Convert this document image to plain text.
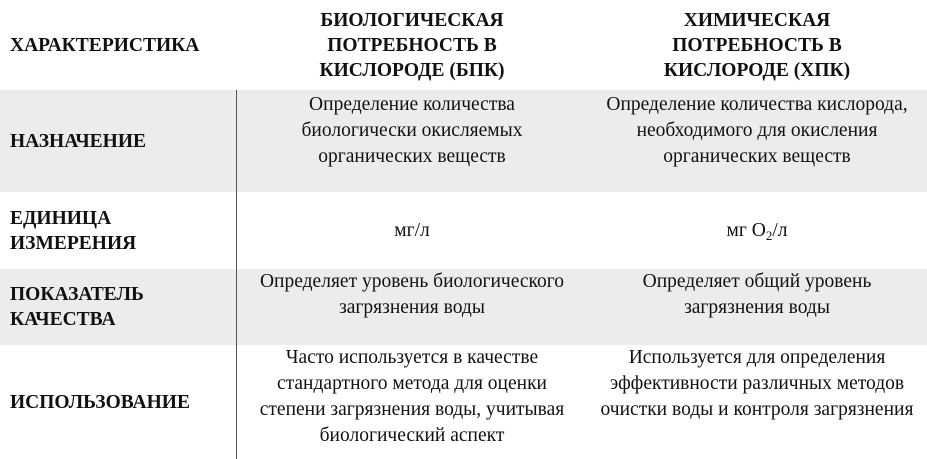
ХАРАКТЕРИСТИКА
БИОЛОГИЧЕСКАЯ ПОТРЕБНОСТЬ В КИСЛОРОДЕ (БПК)
ХИМИЧЕСКАЯ ПОТРЕБНОСТЬ В КИСЛОРОДЕ (ХПК)
НАЗНАЧЕНИЕ
Определение количества биологически окисляемых органических веществ
Определение количества кислорода, необходимого для окисления органических веществ
ЕДИНИЦА ИЗМЕРЕНИЯ
мг/л	мг $O_2/л$
ПОКАЗАТЕЛЬ КАЧЕСТВА
Определяет уровень биологического загрязнения воды
Определяет общий уровень загрязнения воды
ИСПОЛЬЗОВАНИЕ
Часто используется в качестве стандартного метода для оценки степени загрязнения воды, учитывая биологический аспект
Используется для определения эффективности различных методов очистки воды и контроля загрязнения
